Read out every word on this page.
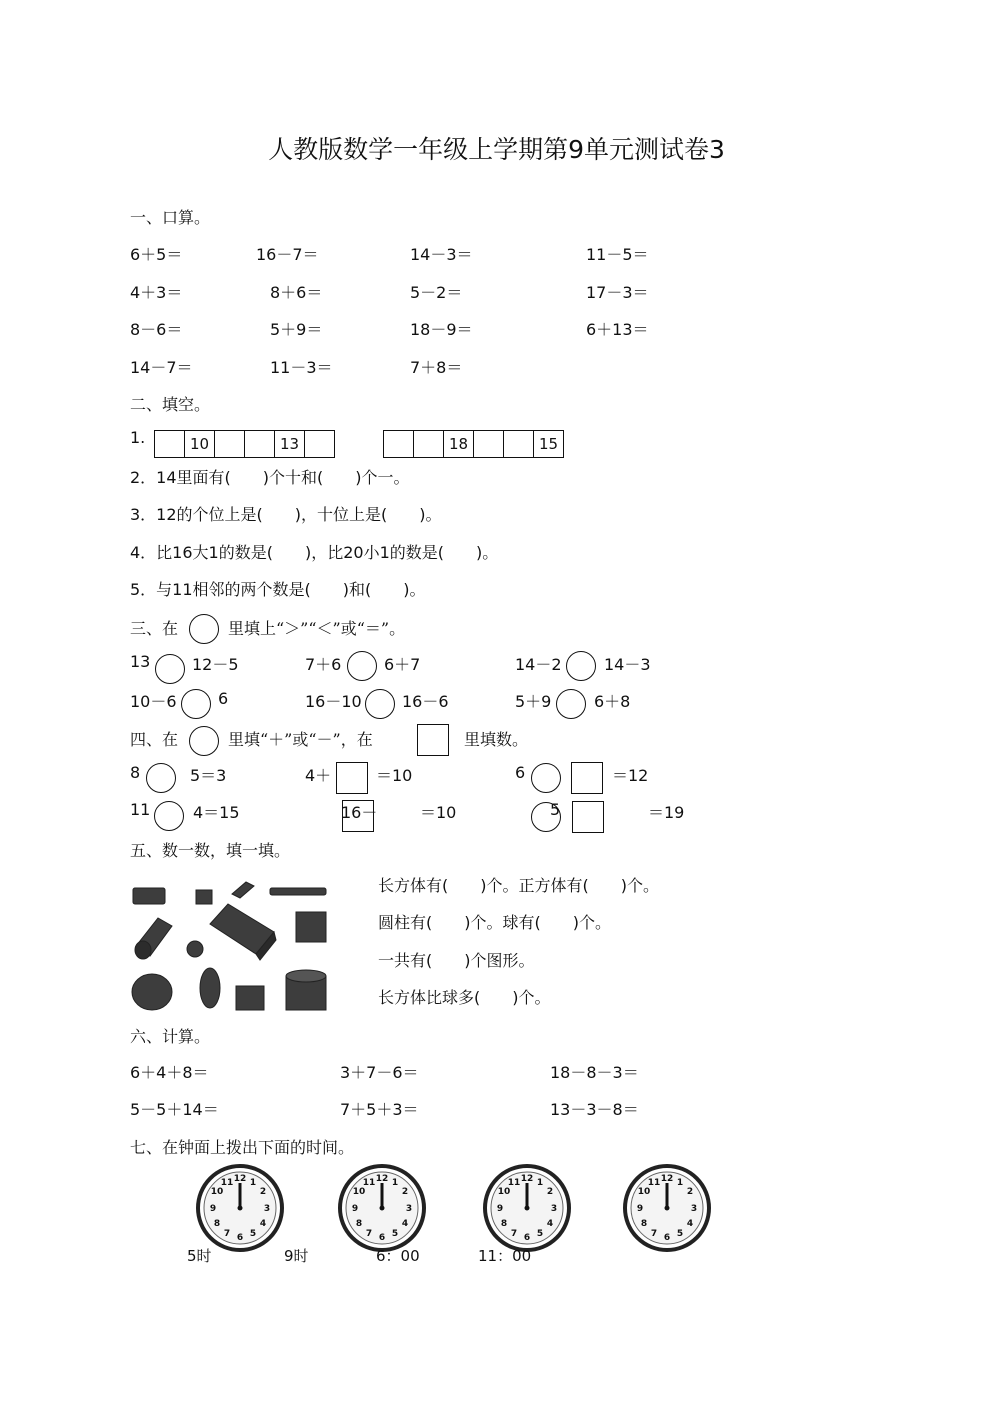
人教版数学一年级上学期第9单元测试卷3
一、口算。
6＋5＝	16－7＝	14－3＝	11－5＝
4＋3＝	8＋6＝	5－2＝	17－3＝
8－6＝	5＋9＝	18－9＝	6＋13＝
14－7＝	11－3＝	7＋8＝
二、填空。
1.	10	13	18	15
2．14里面有(　　)个十和(　　)个一。
3．12的个位上是(　　)，十位上是(　　)。
4．比16大1的数是(　　)，比20小1的数是(　　)。
5．与11相邻的两个数是(　　)和(　　)。
三、在	里填上“＞”“＜”或“＝”。
13	12－5	7＋6	6＋7	14－2	14－3
10－6	6	16－10	16－6	5＋9	6＋8
四、在	里填“＋”或“－”，在	里填数。
8	5＝3	4＋	＝10	6	＝12
11	4＝15	16－	＝10	5	＝19
五、数一数，填一填。
长方体有(　　)个。正方体有(　　)个。
圆柱有(　　)个。球有(　　)个。
一共有(　　)个图形。
长方体比球多(　　)个。
六、计算。
6＋4＋8＝	3＋7－6＝	18－8－3＝
5－5＋14＝	7＋5＋3＝	13－3－8＝
七、在钟面上拨出下面的时间。
12 1
2
3
4
5
6
7
8
9
10
11	12 1
2
3
4
5
6
7
8
9
10
11	12 1
2
3
4
5
6
7
8
9
10
11	12 1
2
3
4
5
6
7
8
9
10
11
5时	9时	6：00	11：00
